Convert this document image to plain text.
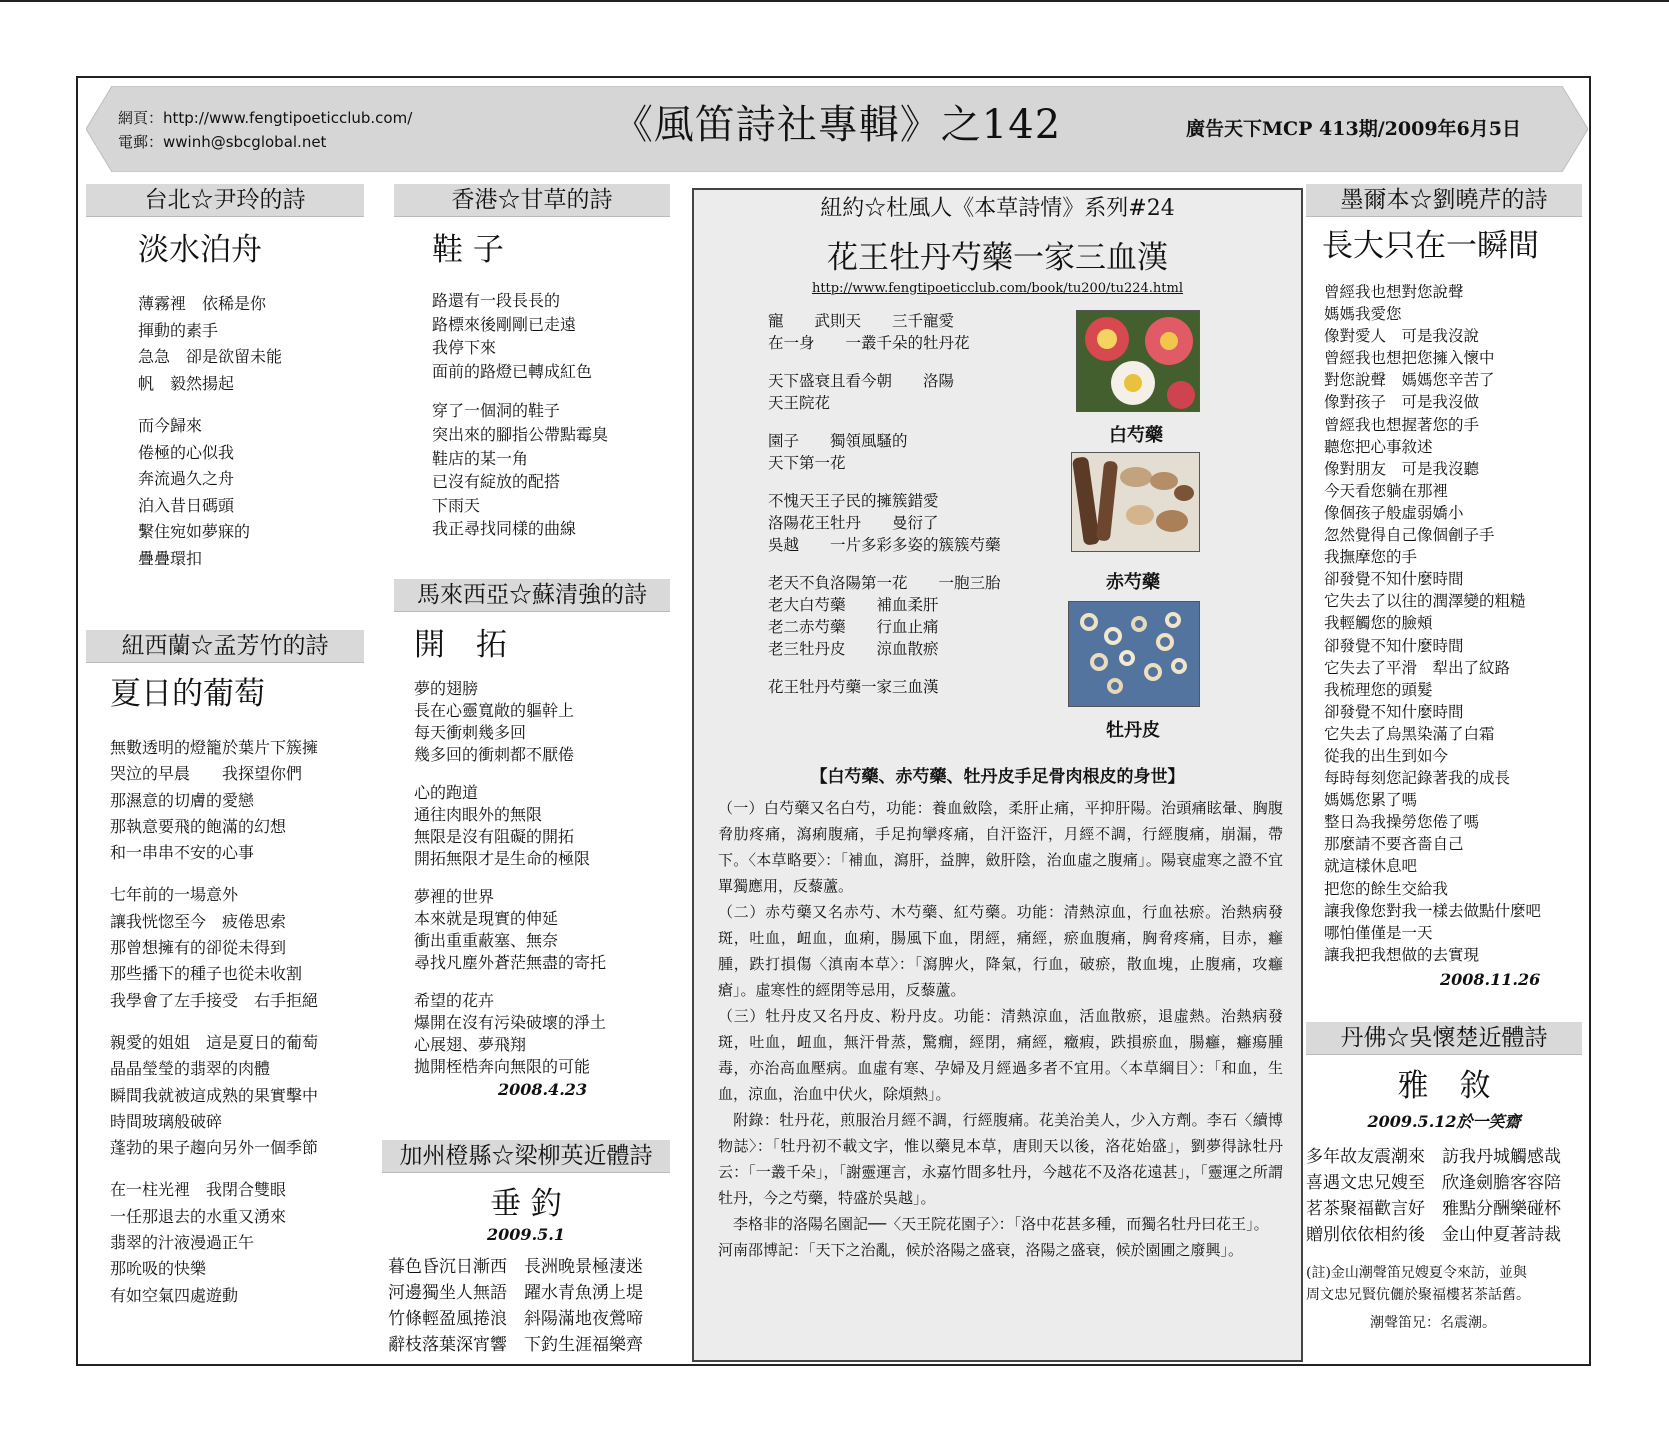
網頁：http://www.fengtipoeticclub.com/
電郵：wwinh@sbcglobal.net	《風笛詩社專輯》之142	廣告天下MCP 413期/2009年6月5日
台北☆尹玲的詩
淡水泊舟
薄霧裡　依稀是你
揮動的素手
急急　卻是欲留未能
帆　毅然揚起
而今歸來
倦極的心似我
奔流過久之舟
泊入昔日碼頭
繫住宛如夢寐的
疊疊環扣
紐西蘭☆孟芳竹的詩
夏日的葡萄
無數透明的燈籠於葉片下簇擁
哭泣的早晨　　我探望你們
那濕意的切膚的愛戀
那執意要飛的飽滿的幻想
和一串串不安的心事
七年前的一場意外
讓我恍惚至今　疲倦思索
那曾想擁有的卻從未得到
那些播下的種子也從未收割
我學會了左手接受　右手拒絕
親愛的姐姐　這是夏日的葡萄
晶晶瑩瑩的翡翠的肉體
瞬間我就被這成熟的果實擊中
時間玻璃般破碎
蓬勃的果子趨向另外一個季節
在一柱光裡　我閉合雙眼
一任那退去的水重又湧來
翡翠的汁液漫過正午
那吮吸的快樂
有如空氣四處遊動
香港☆甘草的詩
鞋 子
路還有一段長長的
路標來後剛剛已走遠
我停下來
面前的路燈已轉成紅色
穿了一個洞的鞋子
突出來的腳指公帶點霉臭
鞋店的某一角
已沒有綻放的配搭
下雨天
我正尋找同樣的曲線
馬來西亞☆蘇清強的詩
開　拓
夢的翅膀
長在心靈寬敞的軀幹上
每天衝刺幾多回
幾多回的衝刺都不厭倦
心的跑道
通往肉眼外的無限
無限是沒有阻礙的開拓
開拓無限才是生命的極限
夢裡的世界
本來就是現實的伸延
衝出重重蔽塞、無奈
尋找凡塵外蒼茫無盡的寄托
希望的花卉
爆開在沒有污染破壞的淨土
心展翅、夢飛翔
拋開桎梏奔向無限的可能
2008.4.23
加州橙縣☆梁柳英近體詩
垂 釣
2009.5.1
暮色昏沉日漸西　長洲晚景極淒迷
河邊獨坐人無語　躍水青魚湧上堤
竹條輕盈風捲浪　斜陽滿地夜鶯啼
辭枝落葉深宵響　下釣生涯福樂齊
紐約☆杜風人《本草詩情》系列#24
花王牡丹芍藥一家三血漢
http://www.fengtipoeticclub.com/book/tu200/tu224.html
寵　　武則天　　三千寵愛
在一身　　一叢千朵的牡丹花
天下盛衰且看今朝　　洛陽
天王院花
園子　　獨領風騷的
天下第一花
不愧天王子民的擁簇錯愛
洛陽花王牡丹　　曼衍了
吳越　　一片多彩多姿的簇簇芍藥
老天不負洛陽第一花　　一胞三胎
老大白芍藥　　補血柔肝
老二赤芍藥　　行血止痛
老三牡丹皮　　涼血散瘀
花王牡丹芍藥一家三血漢
白芍藥
赤芍藥
牡丹皮
【白芍藥、赤芍藥、牡丹皮手足骨肉根皮的身世】

（一）白芍藥又名白芍，功能：養血斂陰，柔肝止痛，平抑肝陽。治頭痛眩暈、胸腹脅肋疼痛，瀉痢腹痛，手足拘攣疼痛，自汗盜汗，月經不調，行經腹痛，崩漏，帶下。〈本草略要〉：「補血，瀉肝，益脾，斂肝陰，治血虛之腹痛」。陽衰虛寒之證不宜單獨應用，反藜蘆。

（二）赤芍藥又名赤芍、木芍藥、紅芍藥。功能：清熱涼血，行血祛瘀。治熱病發斑，吐血，衄血，血痢，腸風下血，閉經，痛經，瘀血腹痛，胸脅疼痛，目赤，癰腫，跌打損傷〈滇南本草〉：「瀉脾火，降氣，行血，破瘀，散血塊，止腹痛，攻癰瘡」。虛寒性的經閉等忌用，反藜蘆。

（三）牡丹皮又名丹皮、粉丹皮。功能：清熱涼血，活血散瘀，退虛熱。治熱病發斑，吐血，衄血，無汗骨蒸，驚癇，經閉，痛經，癥瘕，跌損瘀血，腸癰，癰瘍腫毒，亦治高血壓病。血虛有寒、孕婦及月經過多者不宜用。〈本草綱目〉：「和血，生血，涼血，治血中伏火，除煩熱」。

　附錄：牡丹花，煎服治月經不調，行經腹痛。花美治美人，少入方劑。李石〈續博物誌〉：「牡丹初不載文字，惟以藥見本草，唐則天以後，洛花始盛」，劉夢得詠牡丹云：「一叢千朵」，「謝靈運言，永嘉竹間多牡丹，今越花不及洛花遠甚」，「靈運之所謂牡丹，今之芍藥，特盛於吳越」。

　李格非的洛陽名園記──〈天王院花園子〉：「洛中花甚多種，而獨名牡丹曰花王」。

河南邵博記：「天下之治亂，候於洛陽之盛衰，洛陽之盛衰，候於園圃之廢興」。

墨爾本☆劉曉芹的詩
長大只在一瞬間
曾經我也想對您說聲
媽媽我愛您
像對愛人　可是我沒說
曾經我也想把您擁入懷中
對您說聲　媽媽您辛苦了
像對孩子　可是我沒做
曾經我也想握著您的手
聽您把心事敘述
像對朋友　可是我沒聽
今天看您躺在那裡
像個孩子般虛弱嬌小
忽然覺得自己像個劊子手
我撫摩您的手
卻發覺不知什麼時間
它失去了以往的潤澤變的粗糙
我輕觸您的臉頰
卻發覺不知什麼時間
它失去了平滑　犁出了紋路
我梳理您的頭髮
卻發覺不知什麼時間
它失去了烏黑染滿了白霜
從我的出生到如今
每時每刻您記錄著我的成長
媽媽您累了嗎
整日為我操勞您倦了嗎
那麼請不要吝嗇自己
就這樣休息吧
把您的餘生交給我
讓我像您對我一樣去做點什麼吧
哪怕僅僅是一天
讓我把我想做的去實現
2008.11.26
丹佛☆吳懷楚近體詩
雅　敘
2009.5.12於一笑齋
多年故友震潮來　訪我丹城觸感哉
喜遇文忠兄嫂至　欣逢劍膽客容陪
茗茶聚福歡言好　雅點分酬樂碰杯
贈別依依相約後　金山仲夏著詩裁
(註)金山潮聲笛兄嫂夏令來訪，並與
周文忠兄賢伉儷於聚福樓茗茶話舊。
潮聲笛兄：名震潮。
